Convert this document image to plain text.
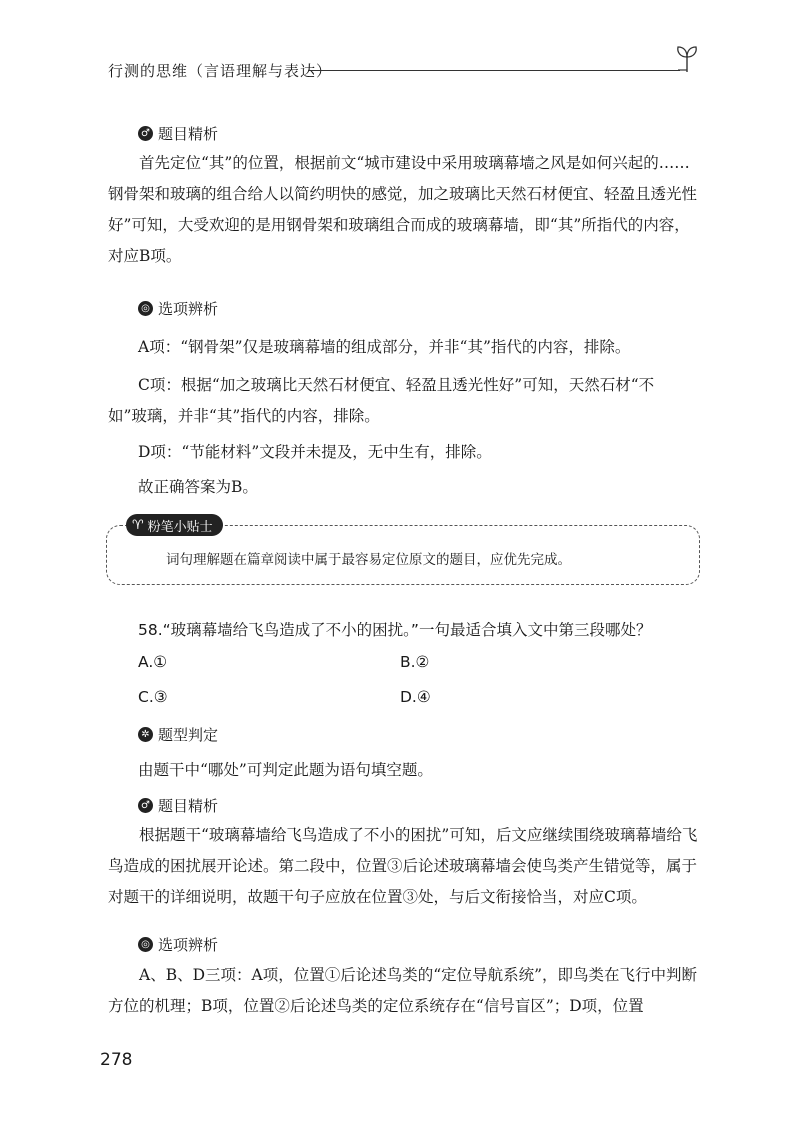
行测的思维（言语理解与表达）
♂ 题目精析

首先定位“其”的位置，根据前文“城市建设中采用玻璃幕墙之风是如何兴起的……钢骨架和玻璃的组合给人以简约明快的感觉，加之玻璃比天然石材便宜、轻盈且透光性好”可知，大受欢迎的是用钢骨架和玻璃组合而成的玻璃幕墙，即“其”所指代的内容，对应B项。

◎ 选项辨析
A项：“钢骨架”仅是玻璃幕墙的组成部分，并非“其”指代的内容，排除。
C项：根据“加之玻璃比天然石材便宜、轻盈且透光性好”可知，天然石材“不
如”玻璃，并非“其”指代的内容，排除。
D项：“节能材料”文段并未提及，无中生有，排除。
故正确答案为B。
♈ 粉笔小贴士
词句理解题在篇章阅读中属于最容易定位原文的题目，应优先完成。
58.“玻璃幕墙给飞鸟造成了不小的困扰。”一句最适合填入文中第三段哪处？
A.①	B.②
C.③	D.④
✲ 题型判定
由题干中“哪处”可判定此题为语句填空题。
♂ 题目精析

根据题干“玻璃幕墙给飞鸟造成了不小的困扰”可知，后文应继续围绕玻璃幕墙给飞鸟造成的困扰展开论述。第二段中，位置③后论述玻璃幕墙会使鸟类产生错觉等，属于对题干的详细说明，故题干句子应放在位置③处，与后文衔接恰当，对应C项。

◎ 选项辨析

A、B、D三项：A项，位置①后论述鸟类的“定位导航系统”，即鸟类在飞行中判断方位的机理；B项，位置②后论述鸟类的定位系统存在“信号盲区”；D项，位置

278
